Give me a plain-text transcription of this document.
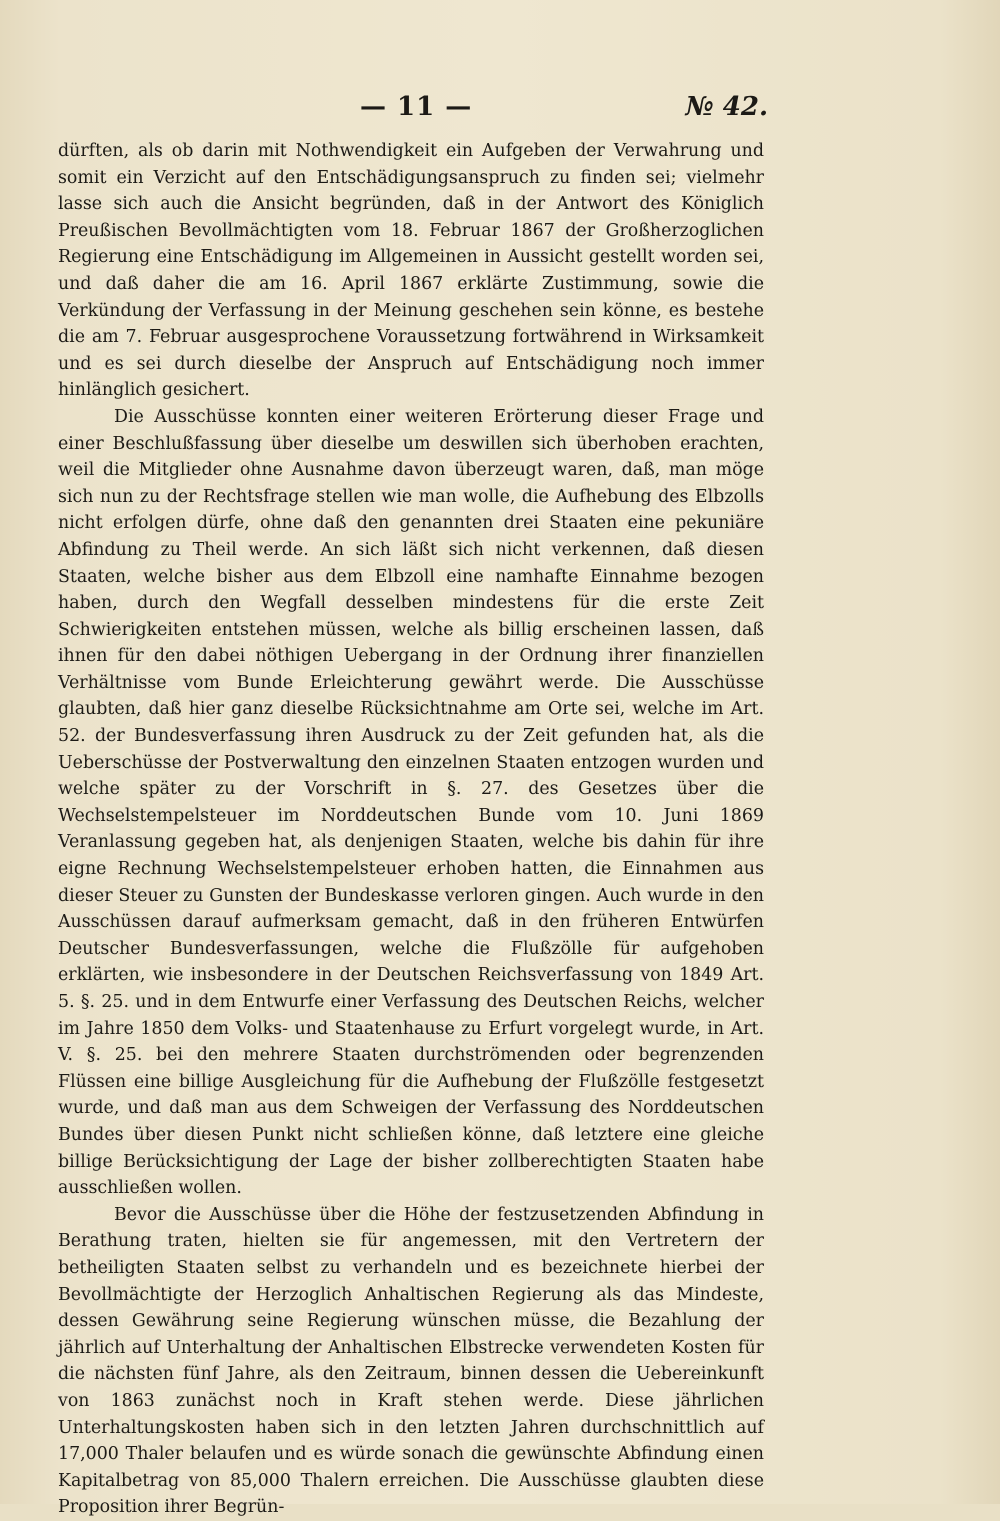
— 11 —	№ 42.

dürften, als ob darin mit Nothwendigkeit ein Aufgeben der Verwahrung und somit ein Verzicht auf den Entschädigungsanspruch zu finden sei; vielmehr lasse sich auch die Ansicht begründen, daß in der Antwort des Königlich Preußischen Bevollmächtigten vom 18. Februar 1867 der Großherzoglichen Regierung eine Entschädigung im Allgemeinen in Aussicht gestellt worden sei, und daß daher die am 16. April 1867 erklärte Zustimmung, sowie die Verkündung der Verfassung in der Meinung geschehen sein könne, es bestehe die am 7. Februar ausgesprochene Voraussetzung fortwährend in Wirksamkeit und es sei durch dieselbe der Anspruch auf Entschädigung noch immer hinlänglich gesichert.

Die Ausschüsse konnten einer weiteren Erörterung dieser Frage und einer Beschlußfassung über dieselbe um deswillen sich überhoben erachten, weil die Mitglieder ohne Ausnahme davon überzeugt waren, daß, man möge sich nun zu der Rechtsfrage stellen wie man wolle, die Aufhebung des Elbzolls nicht erfolgen dürfe, ohne daß den genannten drei Staaten eine pekuniäre Abfindung zu Theil werde. An sich läßt sich nicht verkennen, daß diesen Staaten, welche bisher aus dem Elbzoll eine namhafte Einnahme bezogen haben, durch den Wegfall desselben mindestens für die erste Zeit Schwierigkeiten entstehen müssen, welche als billig erscheinen lassen, daß ihnen für den dabei nöthigen Uebergang in der Ordnung ihrer finanziellen Verhältnisse vom Bunde Erleichterung gewährt werde. Die Ausschüsse glaubten, daß hier ganz dieselbe Rücksichtnahme am Orte sei, welche im Art. 52. der Bundesverfassung ihren Ausdruck zu der Zeit gefunden hat, als die Ueberschüsse der Postverwaltung den einzelnen Staaten entzogen wurden und welche später zu der Vorschrift in §. 27. des Gesetzes über die Wechselstempelsteuer im Norddeutschen Bunde vom 10. Juni 1869 Veranlassung gegeben hat, als denjenigen Staaten, welche bis dahin für ihre eigne Rechnung Wechselstempelsteuer erhoben hatten, die Einnahmen aus dieser Steuer zu Gunsten der Bundeskasse verloren gingen. Auch wurde in den Ausschüssen darauf aufmerksam gemacht, daß in den früheren Entwürfen Deutscher Bundesverfassungen, welche die Flußzölle für aufgehoben erklärten, wie insbesondere in der Deutschen Reichsverfassung von 1849 Art. 5. §. 25. und in dem Entwurfe einer Verfassung des Deutschen Reichs, welcher im Jahre 1850 dem Volks- und Staatenhause zu Erfurt vorgelegt wurde, in Art. V. §. 25. bei den mehrere Staaten durchströmenden oder begrenzenden Flüssen eine billige Ausgleichung für die Aufhebung der Flußzölle festgesetzt wurde, und daß man aus dem Schweigen der Verfassung des Norddeutschen Bundes über diesen Punkt nicht schließen könne, daß letztere eine gleiche billige Berücksichtigung der Lage der bisher zollberechtigten Staaten habe ausschließen wollen.

Bevor die Ausschüsse über die Höhe der festzusetzenden Abfindung in Berathung traten, hielten sie für angemessen, mit den Vertretern der betheiligten Staaten selbst zu verhandeln und es bezeichnete hierbei der Bevollmächtigte der Herzoglich Anhaltischen Regierung als das Mindeste, dessen Gewährung seine Regierung wünschen müsse, die Bezahlung der jährlich auf Unterhaltung der Anhaltischen Elbstrecke verwendeten Kosten für die nächsten fünf Jahre, als den Zeitraum, binnen dessen die Uebereinkunft von 1863 zunächst noch in Kraft stehen werde. Diese jährlichen Unterhaltungskosten haben sich in den letzten Jahren durchschnittlich auf 17,000 Thaler belaufen und es würde sonach die gewünschte Abfindung einen Kapitalbetrag von 85,000 Thalern erreichen. Die Ausschüsse glaubten diese Proposition ihrer Begrün-
